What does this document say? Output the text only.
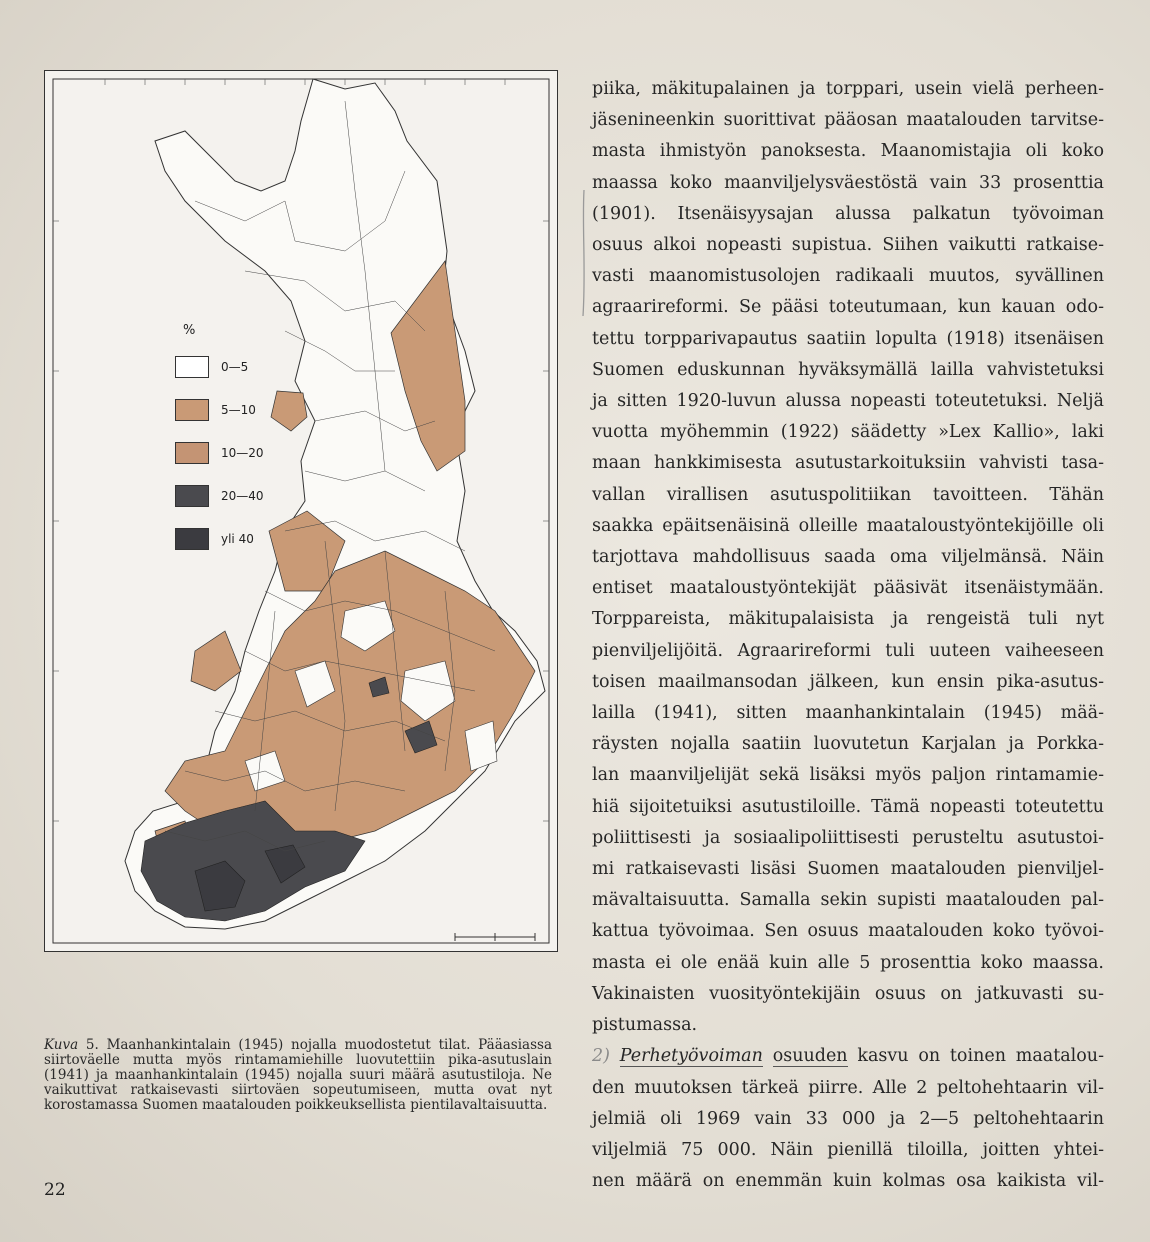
%
0—5
5—10
10—20
20—40
yli 40
Kuva 5. Maanhankintalain (1945) nojalla muodostetut tilat. Pääasiassa siirtoväelle mutta myös rintamamiehille luovutettiin pika-asutuslain (1941) ja maanhankintalain (1945) nojalla suuri määrä asutustiloja. Ne vaikuttivat ratkaisevasti siirtoväen sopeutumiseen, mutta ovat nyt korostamassa Suomen maatalouden poikkeuksellista pientilavaltaisuutta.
22
piika, mäkitupalainen ja torppari, usein vielä perheen-
jäsenineenkin suorittivat pääosan maatalouden tarvitse-
masta ihmistyön panoksesta. Maanomistajia oli koko
maassa koko maanviljelysväestöstä vain 33 prosenttia
(1901). Itsenäisyysajan alussa palkatun työvoiman
osuus alkoi nopeasti supistua. Siihen vaikutti ratkaise-
vasti maanomistusolojen radikaali muutos, syvällinen
agraarireformi. Se pääsi toteutumaan, kun kauan odo-
tettu torpparivapautus saatiin lopulta (1918) itsenäisen
Suomen eduskunnan hyväksymällä lailla vahvistetuksi
ja sitten 1920-luvun alussa nopeasti toteutetuksi. Neljä
vuotta myöhemmin (1922) säädetty »Lex Kallio», laki
maan hankkimisesta asutustarkoituksiin vahvisti tasa-
vallan virallisen asutuspolitiikan tavoitteen. Tähän
saakka epäitsenäisinä olleille maataloustyöntekijöille oli
tarjottava mahdollisuus saada oma viljelmänsä. Näin
entiset maataloustyöntekijät pääsivät itsenäistymään.
Torppareista, mäkitupalaisista ja rengeistä tuli nyt
pienviljelijöitä. Agraarireformi tuli uuteen vaiheeseen
toisen maailmansodan jälkeen, kun ensin pika-asutus-
lailla (1941), sitten maanhankintalain (1945) mää-
räysten nojalla saatiin luovutetun Karjalan ja Porkka-
lan maanviljelijät sekä lisäksi myös paljon rintamamie-
hiä sijoitetuiksi asutustiloille. Tämä nopeasti toteutettu
poliittisesti ja sosiaalipoliittisesti perusteltu asutustoi-
mi ratkaisevasti lisäsi Suomen maatalouden pienviljel-
mävaltaisuutta. Samalla sekin supisti maatalouden pal-
kattua työvoimaa. Sen osuus maatalouden koko työvoi-
masta ei ole enää kuin alle 5 prosenttia koko maassa.
Vakinaisten vuosityöntekijäin osuus on jatkuvasti su-
pistumassa.
2) Perhetyövoiman osuuden kasvu on toinen maatalou-
den muutoksen tärkeä piirre. Alle 2 peltohehtaarin vil-
jelmiä oli 1969 vain 33 000 ja 2—5 peltohehtaarin
viljelmiä 75 000. Näin pienillä tiloilla, joitten yhtei-
nen määrä on enemmän kuin kolmas osa kaikista vil-
